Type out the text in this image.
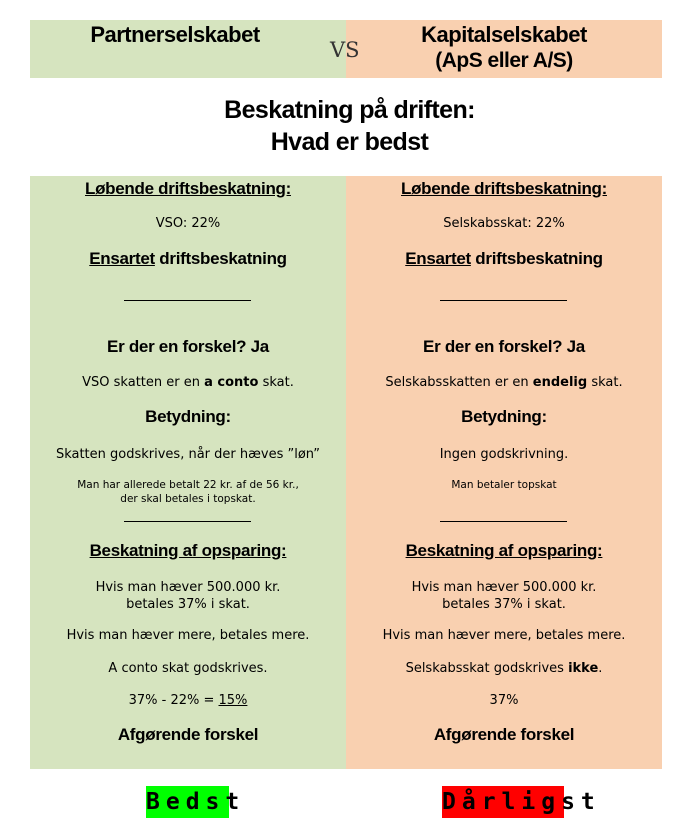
Partnerselskabet	Kapitalselskabet
(ApS eller A/S)
VS
Beskatning på driften:
Hvad er bedst
Løbende driftsbeskatning:
VSO: 22%
Ensartet driftsbeskatning
Er der en forskel? Ja
VSO skatten er en a conto skat.
Betydning:
Skatten godskrives, når der hæves ”løn”
Man har allerede betalt 22 kr. af de 56 kr.,
der skal betales i topskat.
Beskatning af opsparing:
Hvis man hæver 500.000 kr.
betales 37% i skat.
Hvis man hæver mere, betales mere.
A conto skat godskrives.
37% - 22% = 15%
Afgørende forskel
Løbende driftsbeskatning:
Selskabsskat: 22%
Ensartet driftsbeskatning
Er der en forskel? Ja
Selskabsskatten er en endelig skat.
Betydning:
Ingen godskrivning.
Man betaler topskat
Beskatning af opsparing:
Hvis man hæver 500.000 kr.
betales 37% i skat.
Hvis man hæver mere, betales mere.
Selskabsskat godskrives ikke.
37%
Afgørende forskel
Bedst	Dårligst
